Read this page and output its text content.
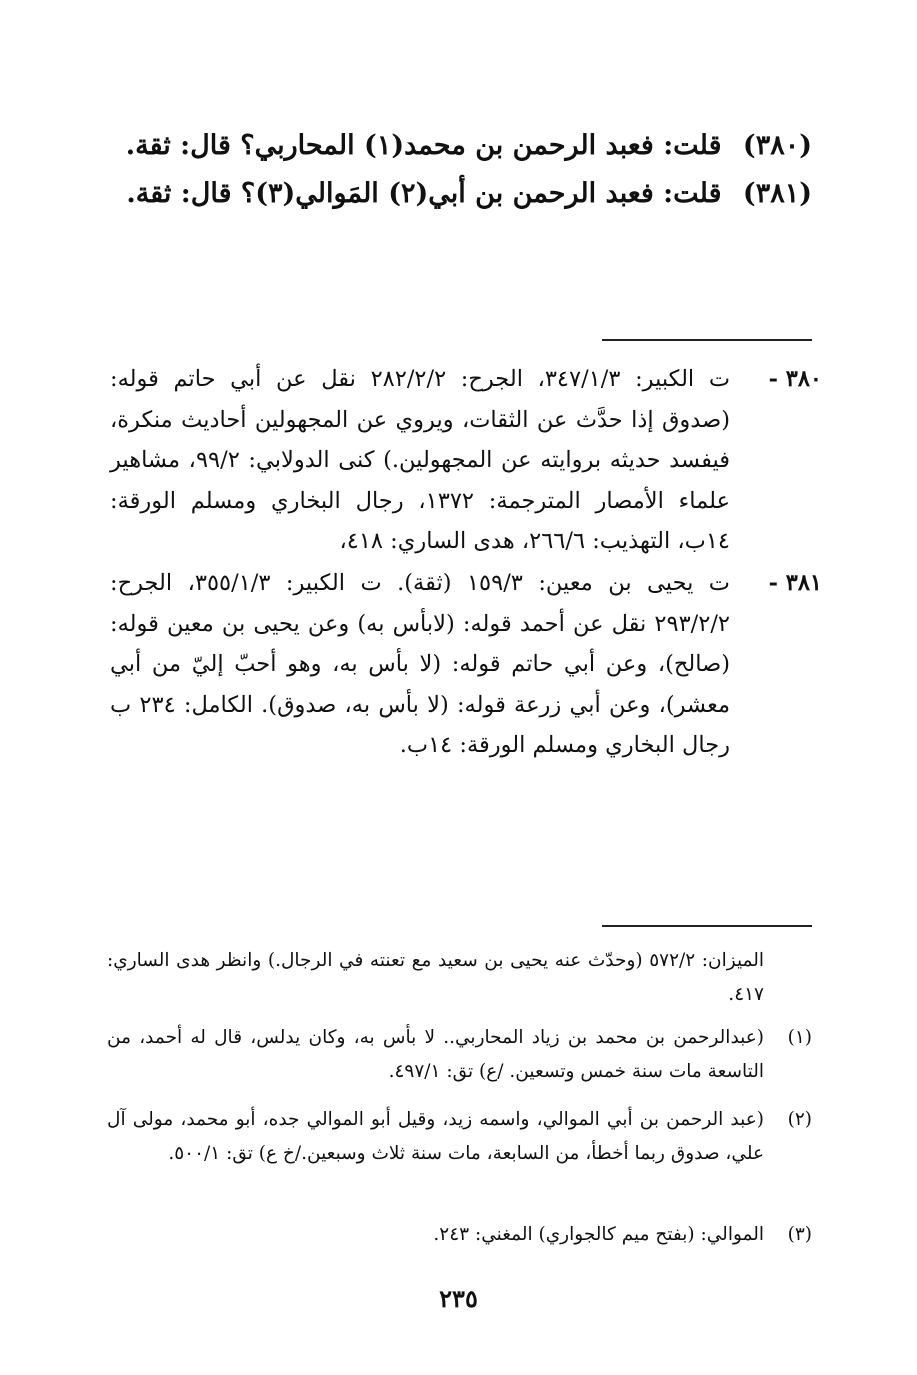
(٣٨٠) قلت: فعبد الرحمن بن محمد(١) المحاربي؟ قال: ثقة.
(٣٨١) قلت: فعبد الرحمن بن أبي(٢) المَوالي(٣)؟ قال: ثقة.
٣٨٠ -
ت الكبير: ٣٤٧/١/٣، الجرح: ٢٨٢/٢/٢ نقل عن أبي حاتم قوله: (صدوق إذا حدَّث عن الثقات، ويروي عن المجهولين أحاديث منكرة، فيفسد حديثه بروايته عن المجهولين.) كنى الدولابي: ٩٩/٢، مشاهير علماء الأمصار المترجمة: ١٣٧٢، رجال البخاري ومسلم الورقة: ١٤ب، التهذيب: ٢٦٦/٦، هدى الساري: ٤١٨،
٣٨١ -
ت يحيى بن معين: ١٥٩/٣ (ثقة). ت الكبير: ٣٥٥/١/٣، الجرح: ٢٩٣/٢/٢ نقل عن أحمد قوله: (لابأس به) وعن يحيى بن معين قوله: (صالح)، وعن أبي حاتم قوله: (لا بأس به، وهو أحبّ إليّ من أبي معشر)، وعن أبي زرعة قوله: (لا بأس به، صدوق). الكامل: ٢٣٤ ب رجال البخاري ومسلم الورقة: ١٤ب.
الميزان: ٥٧٢/٢ (وحدّث عنه يحيى بن سعيد مع تعنته في الرجال.) وانظر هدى الساري: ٤١٧.
(١)
(عبدالرحمن بن محمد بن زياد المحاربي.. لا بأس به، وكان يدلس، قال له أحمد، من التاسعة مات سنة خمس وتسعين. /ع) تق: ٤٩٧/١.
(٢)
(عبد الرحمن بن أبي الموالي، واسمه زيد، وقيل أبو الموالي جده، أبو محمد، مولى آل علي، صدوق ربما أخطأ، من السابعة، مات سنة ثلاث وسبعين./خ ع) تق: ٥٠٠/١.
(٣)
الموالي: (بفتح ميم كالجواري) المغني: ٢٤٣.
٢٣٥
